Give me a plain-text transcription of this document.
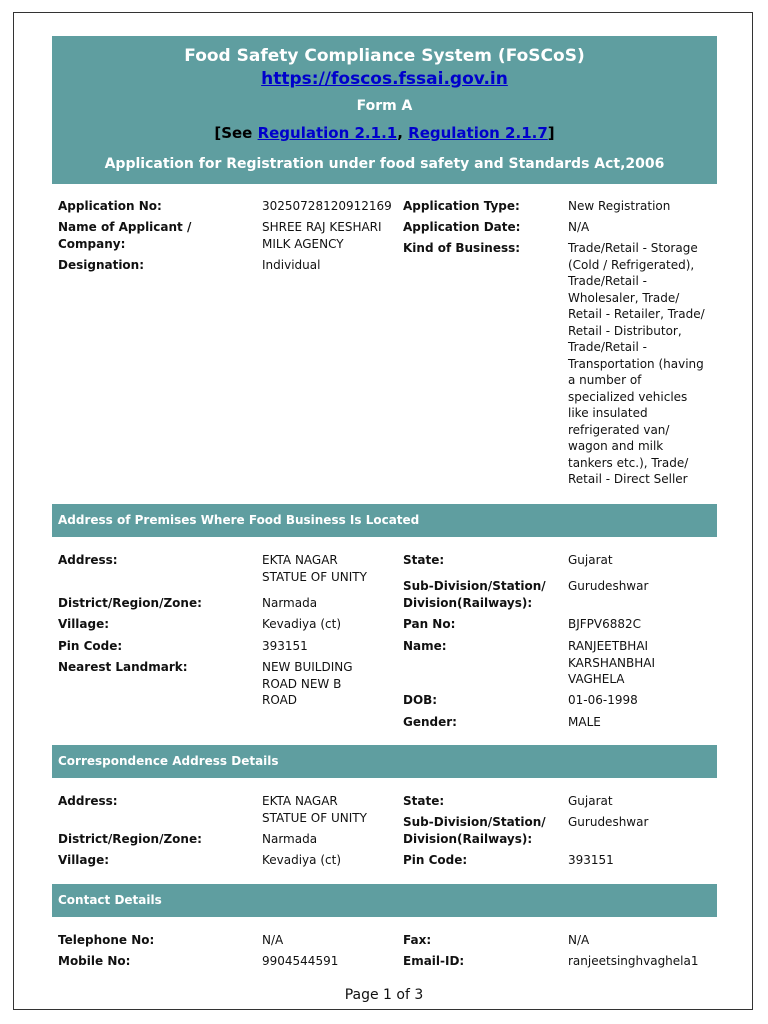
Food Safety Compliance System (FoSCoS)
https://foscos.fssai.gov.in
Form A
[See Regulation 2.1.1, Regulation 2.1.7]
Application for Registration under food safety and Standards Act,2006
Application No:	30250728120912169
Name of Applicant / Company:
SHREE RAJ KESHARI MILK AGENCY
Designation:	Individual
Application Type:	New Registration
Application Date:	N/A
Kind of Business:	Trade/Retail - Storage (Cold / Refrigerated), Trade/Retail - Wholesaler, Trade/ Retail - Retailer, Trade/ Retail - Distributor, Trade/Retail - Transportation (having a number of specialized vehicles like insulated refrigerated van/ wagon and milk tankers etc.), Trade/ Retail - Direct Seller
Address of Premises Where Food Business Is Located
Address:	EKTA NAGAR STATUE OF UNITY
District/Region/Zone:	Narmada
Village:	Kevadiya (ct)
Pin Code:	393151
Nearest Landmark:	NEW BUILDING ROAD NEW B ROAD
State:	Gujarat
Sub-Division/Station/ Division(Railways):
Gurudeshwar
Pan No:	BJFPV6882C
Name:	RANJEETBHAI KARSHANBHAI VAGHELA
DOB:	01-06-1998
Gender:	MALE
Correspondence Address Details
Address:	EKTA NAGAR STATUE OF UNITY
District/Region/Zone:	Narmada
Village:	Kevadiya (ct)
State:	Gujarat
Sub-Division/Station/ Division(Railways):
Gurudeshwar
Pin Code:	393151
Contact Details
Telephone No:	N/A
Mobile No:	9904544591
Fax:	N/A
Email-ID:	ranjeetsinghvaghela1
Page 1 of 3
